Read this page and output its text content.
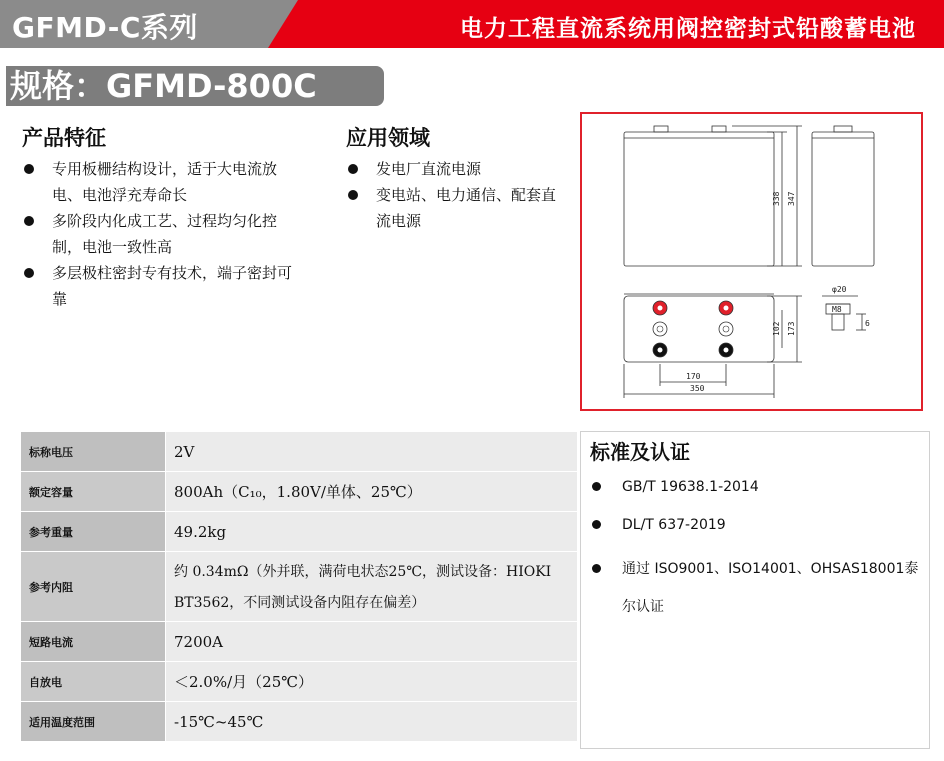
GFMD-C系列	电力工程直流系统用阀控密封式铅酸蓄电池
规格：GFMD-800C
产品特征
专用板栅结构设计，适于大电流放电、电池浮充寿命长
多阶段内化成工艺、过程均匀化控制，电池一致性高
多层极柱密封专有技术，端子密封可靠
应用领域
发电厂直流电源
变电站、电力通信、配套直流电源
338 347
102 173
170
350
φ20
M8
6
标称电压	2V
额定容量	800Ah（C₁₀，1.80V/单体、25℃）
参考重量	49.2kg
参考内阻	约 0.34mΩ（外并联，满荷电状态25℃，测试设备：HIOKI BT3562，不同测试设备内阻存在偏差）
短路电流	7200A
自放电	＜2.0%/月（25℃）
适用温度范围	-15℃~45℃
标准及认证
GB/T 19638.1-2014
DL/T 637-2019
通过 ISO9001、ISO14001、OHSAS18001泰尔认证
